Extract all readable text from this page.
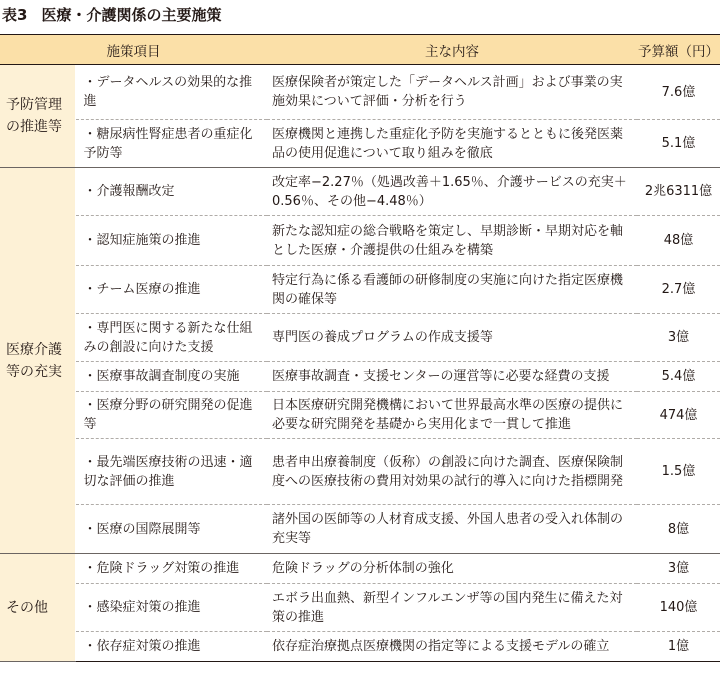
表3 医療・介護関係の主要施策
施策項目		主な内容	予算額（円）
予防管理の推進等	・データヘルスの効果的な推進	医療保険者が策定した「データヘルス計画」および事業の実施効果について評価・分析を行う	7.6億
	・糖尿病性腎症患者の重症化予防等	医療機関と連携した重症化予防を実施するとともに後発医薬品の使用促進について取り組みを徹底	5.1億
医療介護等の充実	・介護報酬改定	改定率−2.27％（処遇改善＋1.65％、介護サービスの充実＋0.56％、その他−4.48％）	2兆6311億
	・認知症施策の推進	新たな認知症の総合戦略を策定し、早期診断・早期対応を軸とした医療・介護提供の仕組みを構築	48億
	・チーム医療の推進	特定行為に係る看護師の研修制度の実施に向けた指定医療機関の確保等	2.7億
	・専門医に関する新たな仕組みの創設に向けた支援	専門医の養成プログラムの作成支援等	3億
	・医療事故調査制度の実施	医療事故調査・支援センターの運営等に必要な経費の支援	5.4億
	・医療分野の研究開発の促進等	日本医療研究開発機構において世界最高水準の医療の提供に必要な研究開発を基礎から実用化まで一貫して推進	474億
	・最先端医療技術の迅速・適切な評価の推進	患者申出療養制度（仮称）の創設に向けた調査、医療保険制度への医療技術の費用対効果の試行的導入に向けた指標開発	1.5億
	・医療の国際展開等	諸外国の医師等の人材育成支援、外国人患者の受入れ体制の充実等	8億
その他	・危険ドラッグ対策の推進	危険ドラッグの分析体制の強化	3億
	・感染症対策の推進	エボラ出血熱、新型インフルエンザ等の国内発生に備えた対策の推進	140億
	・依存症対策の推進	依存症治療拠点医療機関の指定等による支援モデルの確立	1億
